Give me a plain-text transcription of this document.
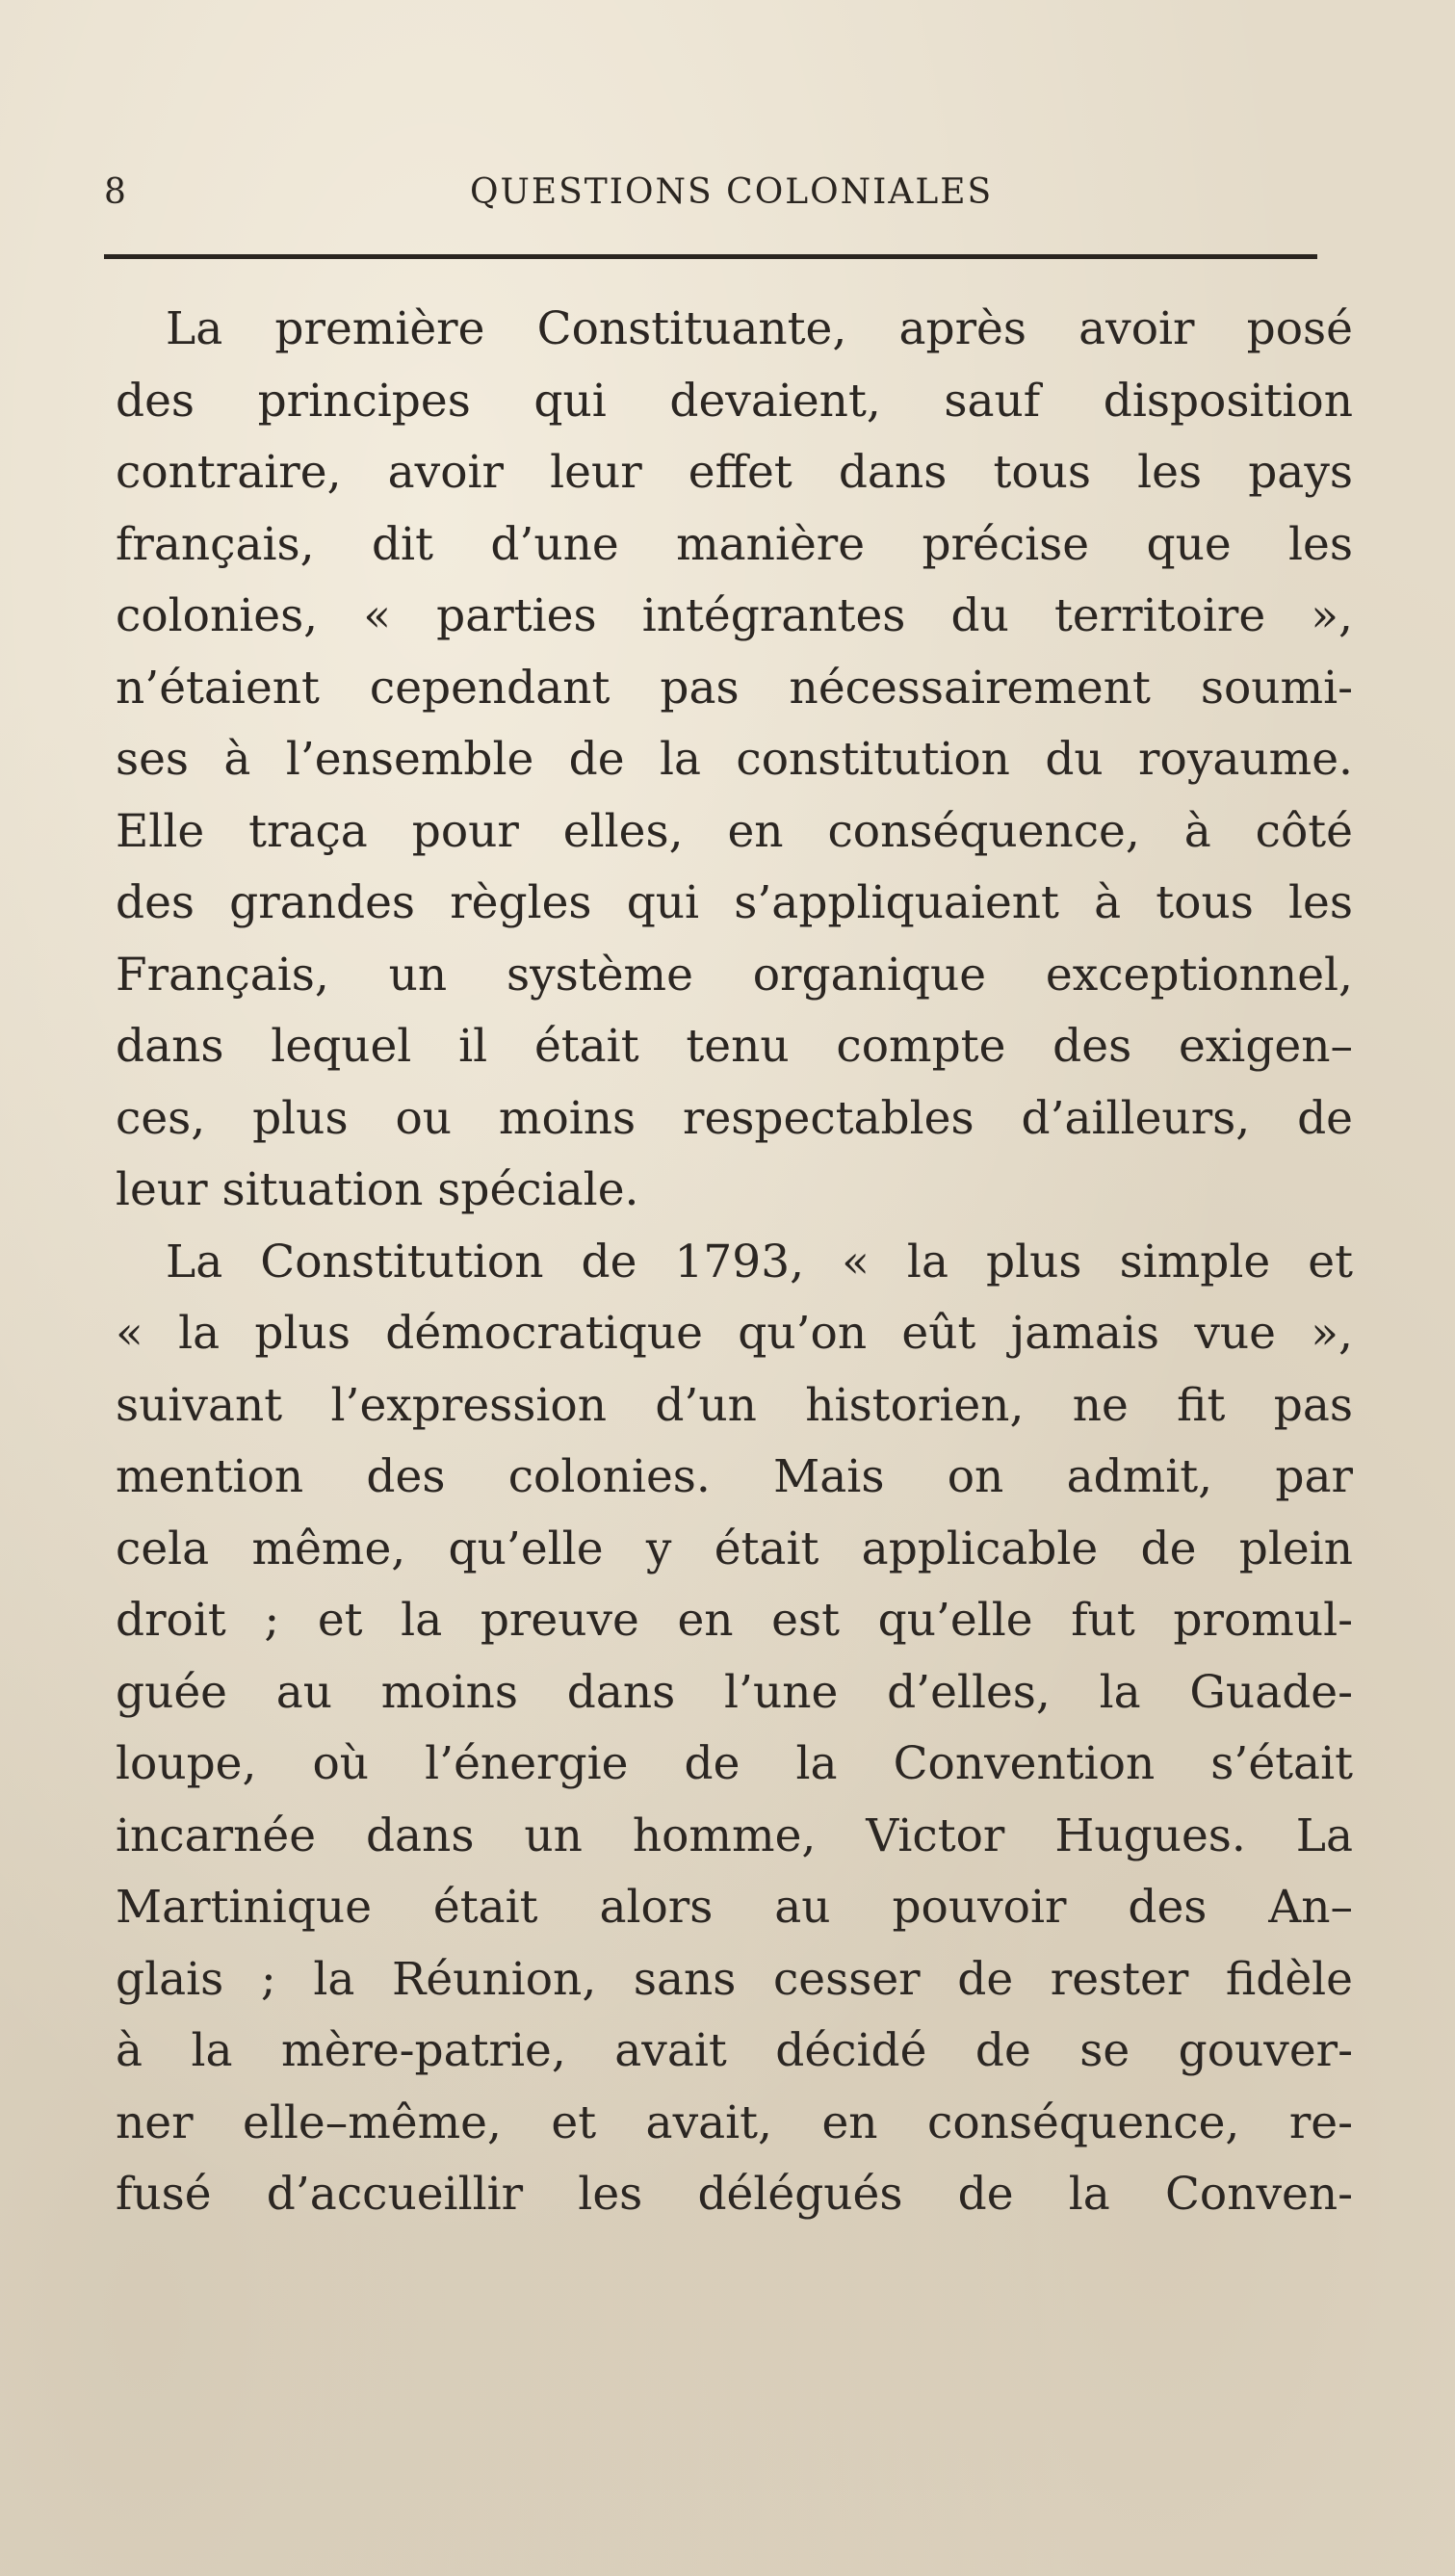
8	QUESTIONS COLONIALES
La première Constituante, après avoir posé
des principes qui devaient, sauf disposition
contraire, avoir leur effet dans tous les pays
français, dit d’une manière précise que les
colonies, « parties intégrantes du territoire »,
n’étaient cependant pas nécessairement soumi-
ses à l’ensemble de la constitution du royaume.
Elle traça pour elles, en conséquence, à côté
des grandes règles qui s’appliquaient à tous les
Français, un système organique exceptionnel,
dans lequel il était tenu compte des exigen–
ces, plus ou moins respectables d’ailleurs, de
leur situation spéciale.
La Constitution de 1793, « la plus simple et
« la plus démocratique qu’on eût jamais vue »,
suivant l’expression d’un historien, ne fit pas
mention des colonies. Mais on admit, par
cela même, qu’elle y était applicable de plein
droit ; et la preuve en est qu’elle fut promul-
guée au moins dans l’une d’elles, la Guade-
loupe, où l’énergie de la Convention s’était
incarnée dans un homme, Victor Hugues. La
Martinique était alors au pouvoir des An–
glais ; la Réunion, sans cesser de rester fidèle
à la mère-patrie, avait décidé de se gouver-
ner elle–même, et avait, en conséquence, re-
fusé d’accueillir les délégués de la Conven-
